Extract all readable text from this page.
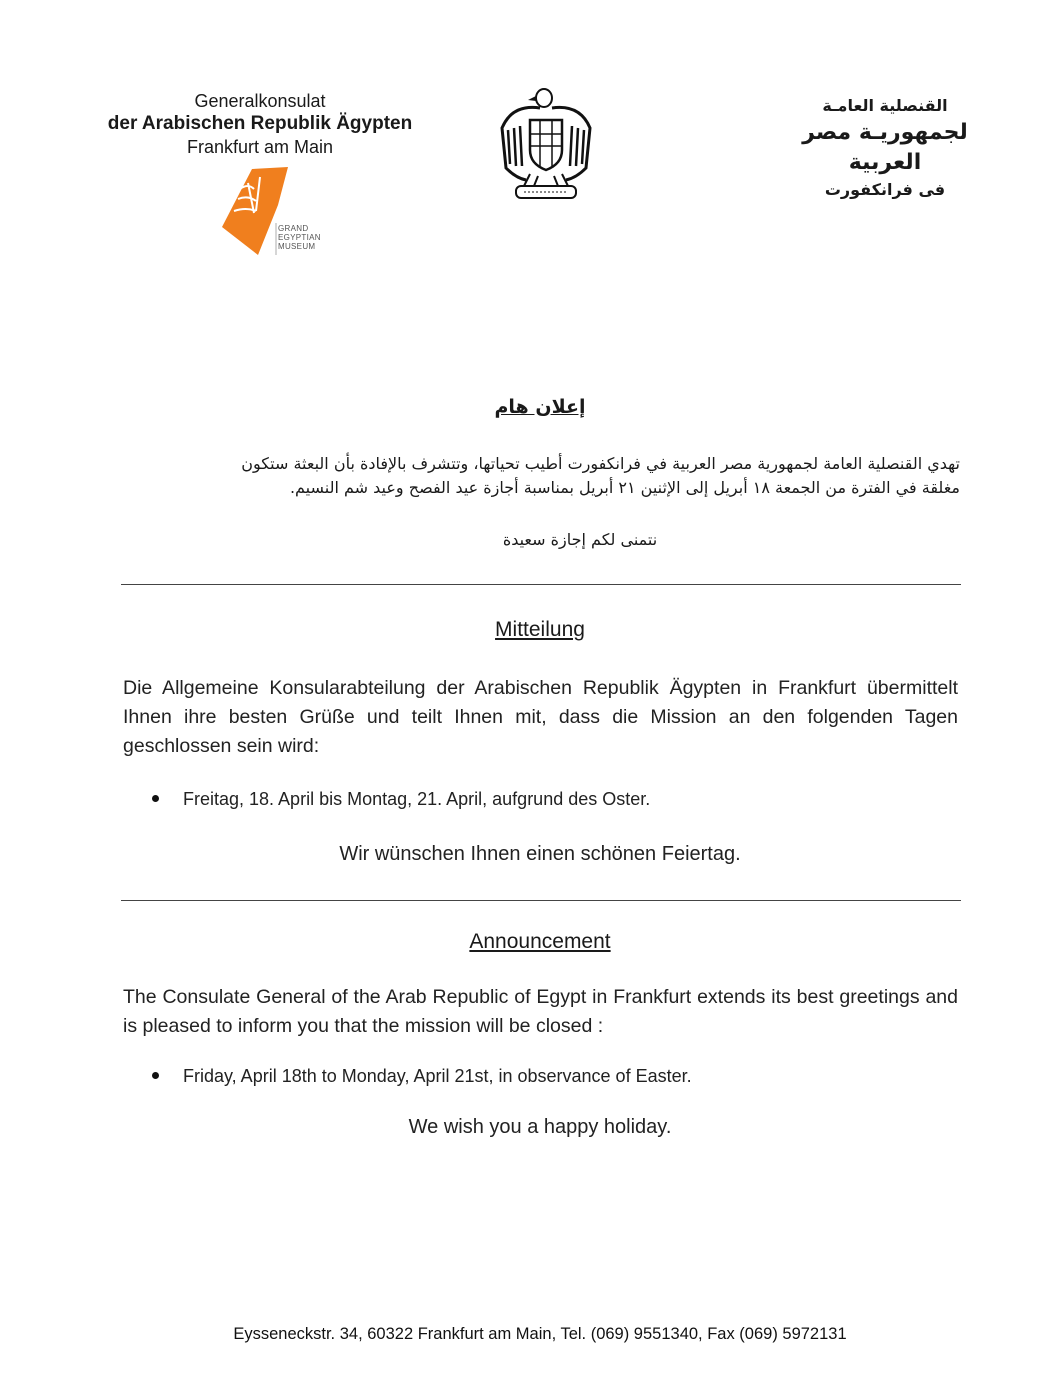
Generalkonsulat
der Arabischen Republik Ägypten
Frankfurt am Main
GRAND
EGYPTIAN
MUSEUM
القنصلية العامـة
لجمهوريـة مصر العربية
فى فرانكفورت
إعلان هام
تهدي القنصلية العامة لجمهورية مصر العربية في فرانكفورت أطيب تحياتها، وتتشرف بالإفادة بأن البعثة ستكون
مغلقة في الفترة من الجمعة ١٨ أبريل إلى الإثنين ٢١ أبريل بمناسبة أجازة عيد الفصح وعيد شم النسيم.
نتمنى لكم إجازة سعيدة
Mitteilung
Die Allgemeine Konsularabteilung der Arabischen Republik Ägypten in Frankfurt übermittelt Ihnen ihre besten Grüße und teilt Ihnen mit, dass die Mission an den folgenden Tagen geschlossen sein wird:
Freitag, 18. April bis Montag, 21. April, aufgrund des Oster.
Wir wünschen Ihnen einen schönen Feiertag.
Announcement
The Consulate General of the Arab Republic of Egypt in Frankfurt extends its best greetings and is pleased to inform you that the mission will be closed :
Friday, April 18th to Monday, April 21st, in observance of Easter.
We wish you a happy holiday.
Eysseneckstr. 34, 60322 Frankfurt am Main, Tel. (069) 9551340, Fax (069) 5972131
